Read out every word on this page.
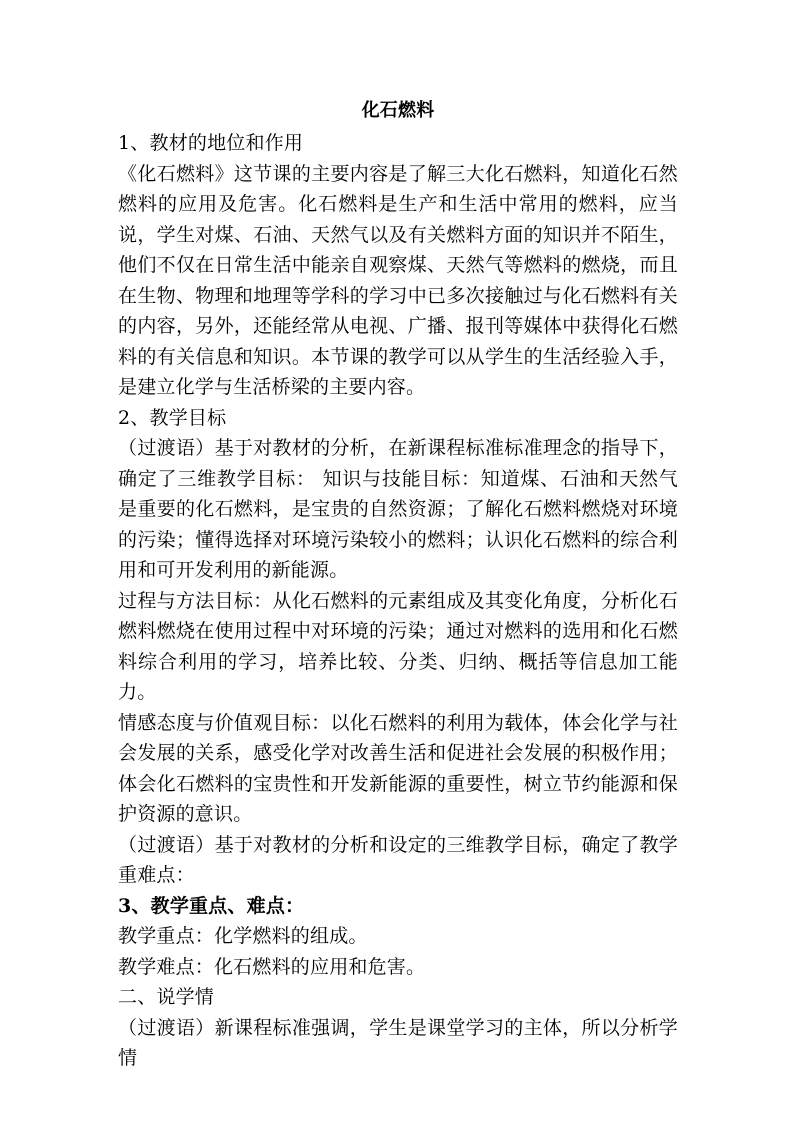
化石燃料
1、教材的地位和作用
《化石燃料》这节课的主要内容是了解三大化石燃料，知道化石然燃料的应用及危害。化石燃料是生产和生活中常用的燃料，应当说，学生对煤、石油、天然气以及有关燃料方面的知识并不陌生，他们不仅在日常生活中能亲自观察煤、天然气等燃料的燃烧，而且在生物、物理和地理等学科的学习中已多次接触过与化石燃料有关的内容，另外，还能经常从电视、广播、报刊等媒体中获得化石燃料的有关信息和知识。本节课的教学可以从学生的生活经验入手，是建立化学与生活桥梁的主要内容。
2、教学目标
（过渡语）基于对教材的分析，在新课程标准标准理念的指导下，确定了三维教学目标： 知识与技能目标：知道煤、石油和天然气是重要的化石燃料，是宝贵的自然资源；了解化石燃料燃烧对环境的污染；懂得选择对环境污染较小的燃料；认识化石燃料的综合利用和可开发利用的新能源。
过程与方法目标：从化石燃料的元素组成及其变化角度，分析化石燃料燃烧在使用过程中对环境的污染；通过对燃料的选用和化石燃料综合利用的学习，培养比较、分类、归纳、概括等信息加工能力。
情感态度与价值观目标：以化石燃料的利用为载体，体会化学与社会发展的关系，感受化学对改善生活和促进社会发展的积极作用；体会化石燃料的宝贵性和开发新能源的重要性，树立节约能源和保护资源的意识。
（过渡语）基于对教材的分析和设定的三维教学目标，确定了教学重难点：
3、教学重点、难点：
教学重点：化学燃料的组成。
教学难点：化石燃料的应用和危害。
二、说学情
（过渡语）新课程标准强调，学生是课堂学习的主体，所以分析学情
